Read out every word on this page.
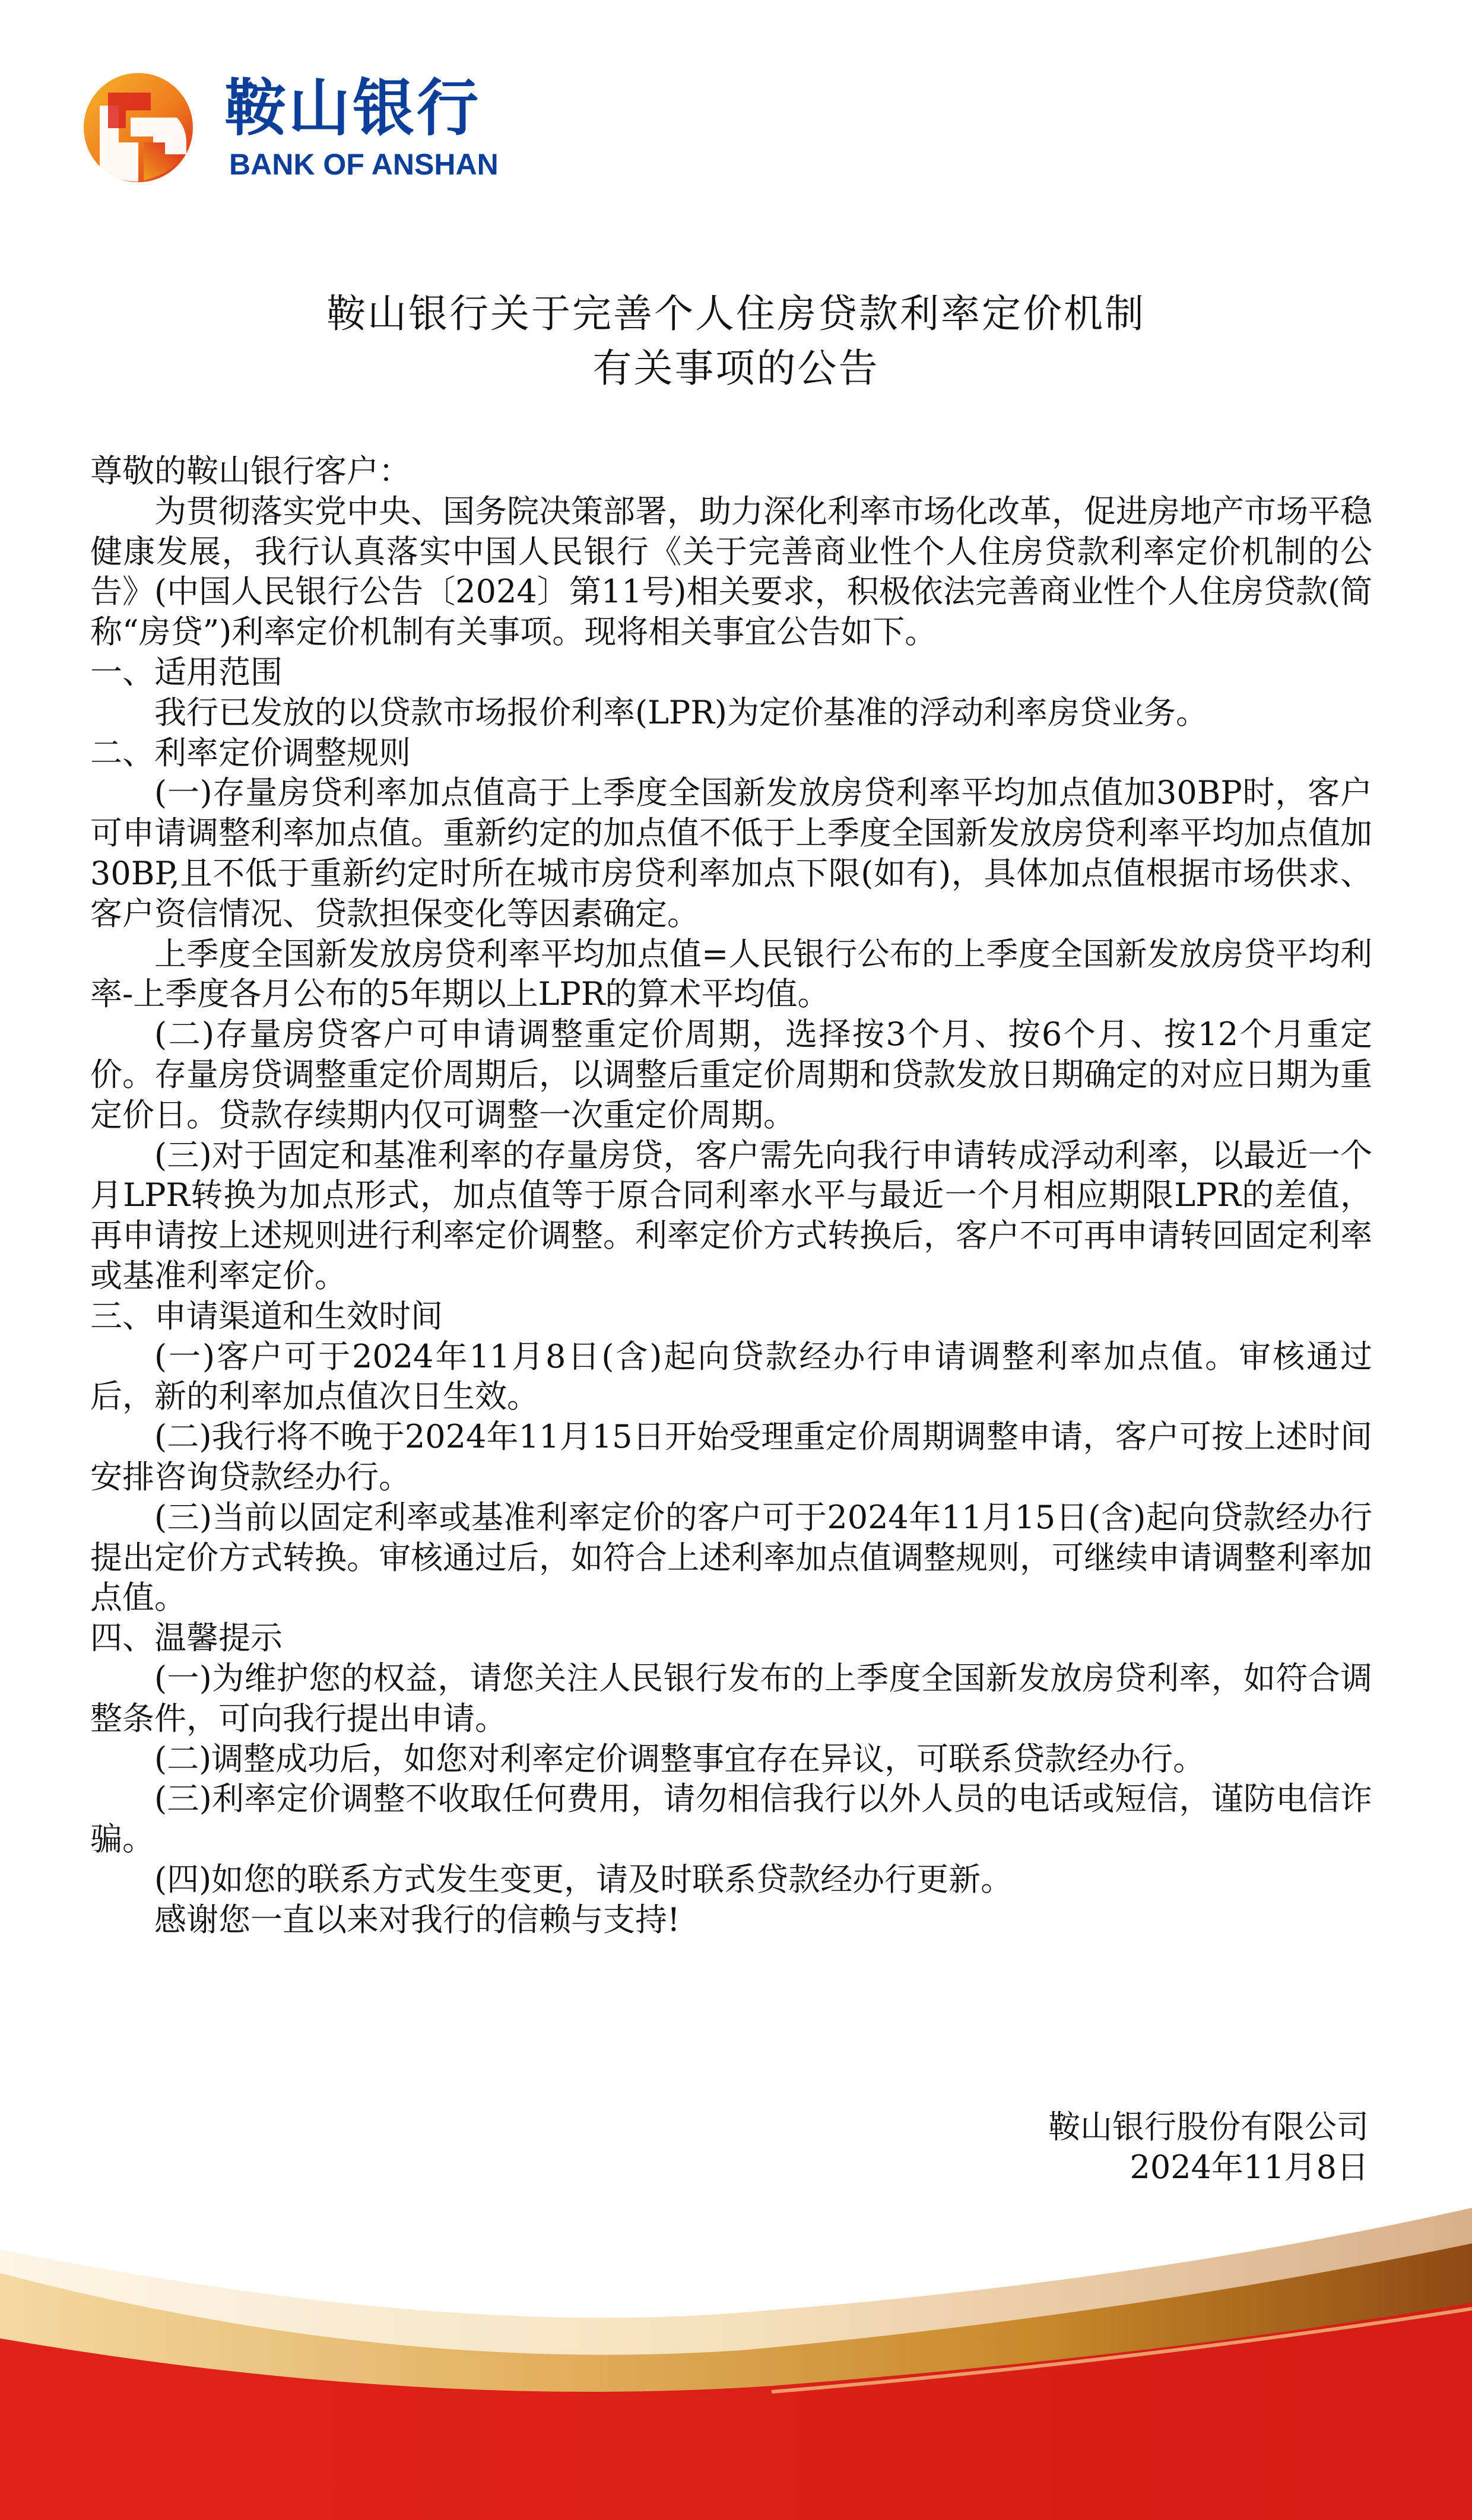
鞍山银行
BANK OF ANSHAN
鞍山银行关于完善个人住房贷款利率定价机制
有关事项的公告

尊敬的鞍山银行客户：

为贯彻落实党中央、国务院决策部署，助力深化利率市场化改革，促进房地产市场平稳健康发展，我行认真落实中国人民银行《关于完善商业性个人住房贷款利率定价机制的公告》(中国人民银行公告〔2024〕第11号)相关要求，积极依法完善商业性个人住房贷款(简称“房贷”)利率定价机制有关事项。现将相关事宜公告如下。

一、适用范围

我行已发放的以贷款市场报价利率(LPR)为定价基准的浮动利率房贷业务。

二、利率定价调整规则

(一)存量房贷利率加点值高于上季度全国新发放房贷利率平均加点值加30BP时，客户可申请调整利率加点值。重新约定的加点值不低于上季度全国新发放房贷利率平均加点值加30BP,且不低于重新约定时所在城市房贷利率加点下限(如有)，具体加点值根据市场供求、客户资信情况、贷款担保变化等因素确定。

上季度全国新发放房贷利率平均加点值=人民银行公布的上季度全国新发放房贷平均利率-上季度各月公布的5年期以上LPR的算术平均值。

(二)存量房贷客户可申请调整重定价周期，选择按3个月、按6个月、按12个月重定价。存量房贷调整重定价周期后，以调整后重定价周期和贷款发放日期确定的对应日期为重定价日。贷款存续期内仅可调整一次重定价周期。

(三)对于固定和基准利率的存量房贷，客户需先向我行申请转成浮动利率，以最近一个月LPR转换为加点形式，加点值等于原合同利率水平与最近一个月相应期限LPR的差值，再申请按上述规则进行利率定价调整。利率定价方式转换后，客户不可再申请转回固定利率或基准利率定价。

三、申请渠道和生效时间

(一)客户可于2024年11月8日(含)起向贷款经办行申请调整利率加点值。审核通过后，新的利率加点值次日生效。

(二)我行将不晚于2024年11月15日开始受理重定价周期调整申请，客户可按上述时间安排咨询贷款经办行。

(三)当前以固定利率或基准利率定价的客户可于2024年11月15日(含)起向贷款经办行提出定价方式转换。审核通过后，如符合上述利率加点值调整规则，可继续申请调整利率加点值。

四、温馨提示

(一)为维护您的权益，请您关注人民银行发布的上季度全国新发放房贷利率，如符合调整条件，可向我行提出申请。

(二)调整成功后，如您对利率定价调整事宜存在异议，可联系贷款经办行。

(三)利率定价调整不收取任何费用，请勿相信我行以外人员的电话或短信，谨防电信诈骗。

(四)如您的联系方式发生变更，请及时联系贷款经办行更新。

感谢您一直以来对我行的信赖与支持!

鞍山银行股份有限公司
2024年11月8日
